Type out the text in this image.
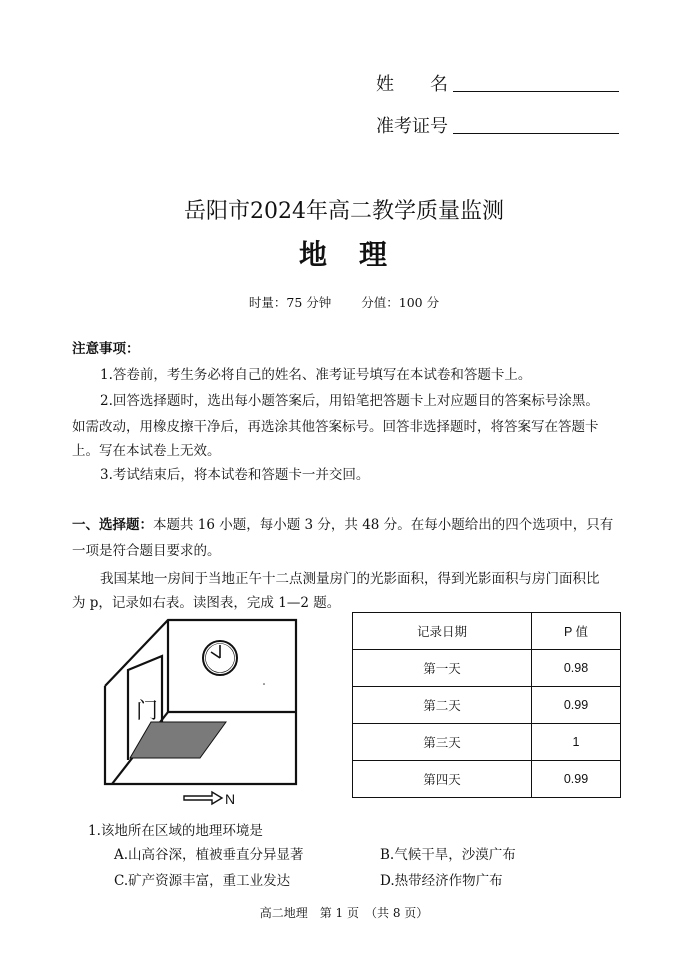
姓　　名
准考证号
岳阳市2024年高二教学质量监测
地　理
时量：75 分钟 分值：100 分
注意事项：
1.答卷前，考生务必将自己的姓名、准考证号填写在本试卷和答题卡上。
2.回答选择题时，选出每小题答案后，用铅笔把答题卡上对应题目的答案标号涂黑。
如需改动，用橡皮擦干净后，再选涂其他答案标号。回答非选择题时，将答案写在答题卡
上。写在本试卷上无效。
3.考试结束后，将本试卷和答题卡一并交回。
一、选择题：本题共 16 小题，每小题 3 分，共 48 分。在每小题给出的四个选项中，只有
一项是符合题目要求的。
我国某地一房间于当地正午十二点测量房门的光影面积，得到光影面积与房门面积比
为 p，记录如右表。读图表，完成 1—2 题。
门
N
记录日期	P 值
第一天	0.98
第二天	0.99
第三天	1
第四天	0.99
1.该地所在区域的地理环境是
A.山高谷深，植被垂直分异显著	B.气候干旱，沙漠广布
C.矿产资源丰富，重工业发达	D.热带经济作物广布
高二地理　第 1 页　（共 8 页）
